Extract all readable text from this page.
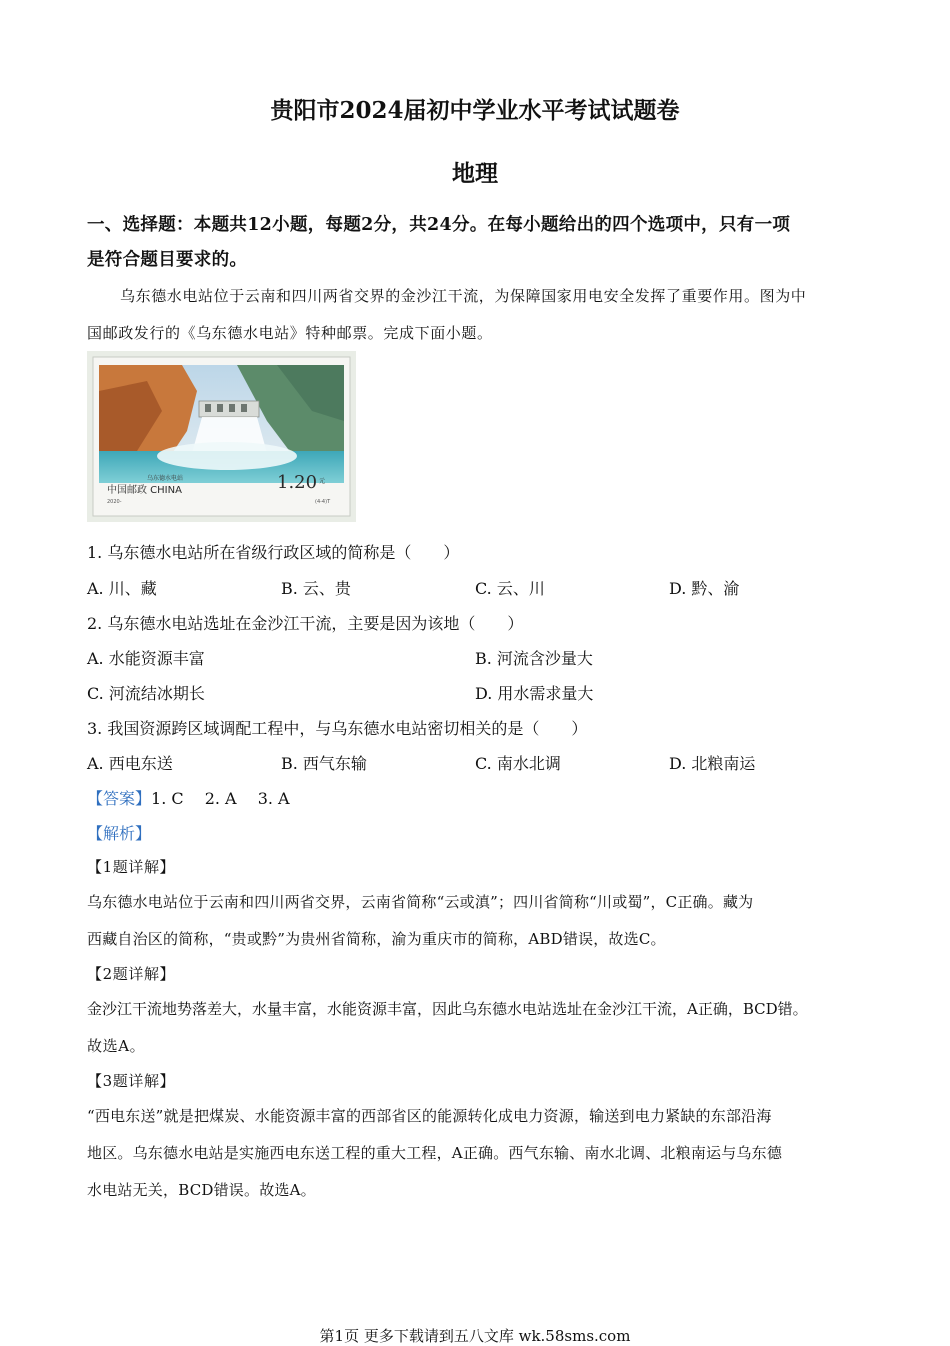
贵阳市2024届初中学业水平考试试题卷
地理
一、选择题：本题共12小题，每题2分，共24分。在每小题给出的四个选项中，只有一项
是符合题目要求的。
乌东德水电站位于云南和四川两省交界的金沙江干流，为保障国家用电安全发挥了重要作用。图为中
国邮政发行的《乌东德水电站》特种邮票。完成下面小题。
乌东德水电站
中国邮政 CHINA	1.20 元
2020-	(4-4)T
1. 乌东德水电站所在省级行政区域的简称是（　　）
A. 川、藏	B. 云、贵	C. 云、川	D. 黔、渝
2. 乌东德水电站选址在金沙江干流，主要是因为该地（　　）
A. 水能资源丰富	B. 河流含沙量大
C. 河流结冰期长	D. 用水需求量大
3. 我国资源跨区域调配工程中，与乌东德水电站密切相关的是（　　）
A. 西电东送	B. 西气东输	C. 南水北调	D. 北粮南运
【答案】1. C　 2. A　 3. A
【解析】
【1题详解】
乌东德水电站位于云南和四川两省交界，云南省简称“云或滇”；四川省简称“川或蜀”，C正确。藏为
西藏自治区的简称，“贵或黔”为贵州省简称，渝为重庆市的简称，ABD错误，故选C。
【2题详解】
金沙江干流地势落差大，水量丰富，水能资源丰富，因此乌东德水电站选址在金沙江干流，A正确，BCD错。
故选A。
【3题详解】
“西电东送”就是把煤炭、水能资源丰富的西部省区的能源转化成电力资源，输送到电力紧缺的东部沿海
地区。乌东德水电站是实施西电东送工程的重大工程，A正确。西气东输、南水北调、北粮南运与乌东德
水电站无关，BCD错误。故选A。
第1页 更多下载请到五八文库 wk.58sms.com
